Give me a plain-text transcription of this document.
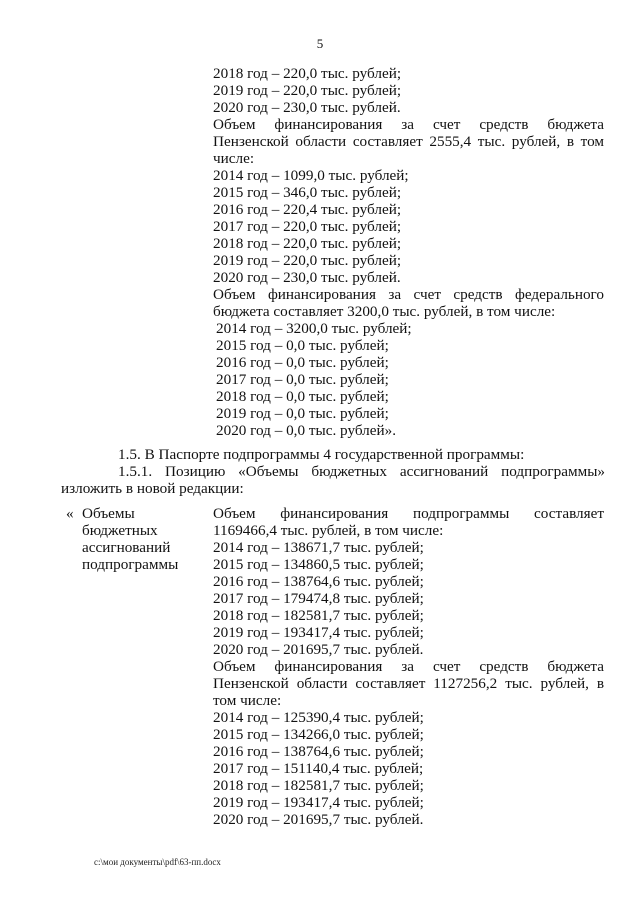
5
2018 год – 220,0 тыс. рублей;
2019 год – 220,0 тыс. рублей;
2020 год – 230,0 тыс. рублей.
Объем финансирования за счет средств бюджета
Пензенской области составляет 2555,4 тыс. рублей, в том
числе:
2014 год – 1099,0 тыс. рублей;
2015 год – 346,0 тыс. рублей;
2016 год – 220,4 тыс. рублей;
2017 год – 220,0 тыс. рублей;
2018 год – 220,0 тыс. рублей;
2019 год – 220,0 тыс. рублей;
2020 год – 230,0 тыс. рублей.
Объем финансирования за счет средств федерального
бюджета составляет 3200,0 тыс. рублей, в том числе:
2014 год – 3200,0 тыс. рублей;
2015 год – 0,0 тыс. рублей;
2016 год – 0,0 тыс. рублей;
2017 год – 0,0 тыс. рублей;
2018 год – 0,0 тыс. рублей;
2019 год – 0,0 тыс. рублей;
2020 год – 0,0 тыс. рублей».
1.5. В Паспорте подпрограммы 4 государственной программы:
1.5.1. Позицию «Объемы бюджетных ассигнований подпрограммы»
изложить в новой редакции:
« Объемы
бюджетных
ассигнований
подпрограммы
Объем финансирования подпрограммы составляет
1169466,4 тыс. рублей, в том числе:
2014 год – 138671,7 тыс. рублей;
2015 год – 134860,5 тыс. рублей;
2016 год – 138764,6 тыс. рублей;
2017 год – 179474,8 тыс. рублей;
2018 год – 182581,7 тыс. рублей;
2019 год – 193417,4 тыс. рублей;
2020 год – 201695,7 тыс. рублей.
Объем финансирования за счет средств бюджета
Пензенской области составляет 1127256,2 тыс. рублей, в
том числе:
2014 год – 125390,4 тыс. рублей;
2015 год – 134266,0 тыс. рублей;
2016 год – 138764,6 тыс. рублей;
2017 год – 151140,4 тыс. рублей;
2018 год – 182581,7 тыс. рублей;
2019 год – 193417,4 тыс. рублей;
2020 год – 201695,7 тыс. рублей.
c:\мои документы\pdf\63-пп.docx
